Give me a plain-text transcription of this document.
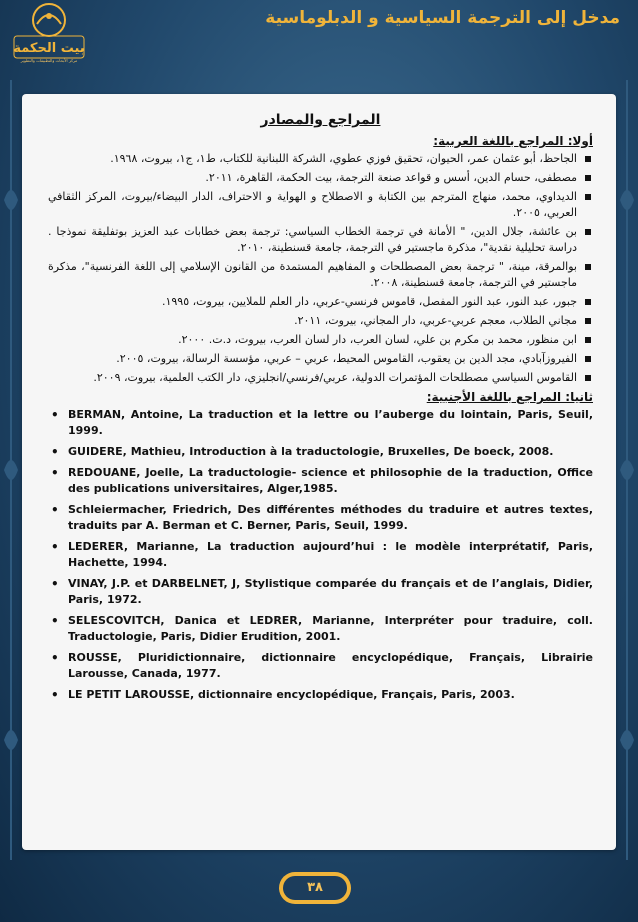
بيت الحكمة
مركز الأبحاث والتطبيقات والتطوير
مدخل إلى الترجمة السياسية و الدبلوماسية
المراجع والمصادر
أولا: المراجع باللغة العربية:
الجاحظ، أبو عثمان عمر، الحيوان، تحقيق فوزي عطوي، الشركة اللبنانية للكتاب، ط١، ج١، بيروت، ١٩٦٨.
مصطفى، حسام الدين، أسس و قواعد صنعة الترجمة، بيت الحكمة، القاهرة، ٢٠١١.
الديداوي، محمد، منهاج المترجم بين الكتابة و الاصطلاح و الهواية و الاحتراف، الدار البيضاء/بيروت، المركز الثقافي العربي، ٢٠٠٥.
بن عائشة، جلال الدين، " الأمانة في ترجمة الخطاب السياسي: ترجمة بعض خطابات عبد العزيز بوتفليقة نموذجا . دراسة تحليلية نقدية"، مذكرة ماجستير في الترجمة، جامعة قسنطينة، ٢٠١٠.
بوالمرقة، مينة، " ترجمة بعض المصطلحات و المفاهيم المستمدة من القانون الإسلامي إلى اللغة الفرنسية"، مذكرة ماجستير في الترجمة، جامعة قسنطينة، ٢٠٠٨.
جبور، عبد النور، عبد النور المفصل، قاموس فرنسي-عربي، دار العلم للملايين، بيروت، ١٩٩٥.
مجاني الطلاب، معجم عربي-عربي، دار المجاني، بيروت، ٢٠١١.
ابن منظور، محمد بن مكرم بن علي، لسان العرب، دار لسان العرب، بيروت، د.ت. ٢٠٠٠.
الفيروزآبادي، مجد الدين بن يعقوب، القاموس المحيط، عربي – عربي، مؤسسة الرسالة، بيروت، ٢٠٠٥.
القاموس السياسي مصطلحات المؤتمرات الدولية، عربي/فرنسي/انجليزي، دار الكتب العلمية، بيروت، ٢٠٠٩.
ثانيا: المراجع باللغة الأجنبية:
• BERMAN, Antoine, La traduction et la lettre ou l’auberge du lointain, Paris, Seuil, 1999.
• GUIDERE, Mathieu, Introduction à la traductologie, Bruxelles, De boeck, 2008.
• REDOUANE, Joelle, La traductologie- science et philosophie de la traduction, Office des publications universitaires, Alger,1985.
• Schleiermacher, Friedrich, Des différentes méthodes du traduire et autres textes, traduits par A. Berman et C. Berner, Paris, Seuil, 1999.
• LEDERER, Marianne, La traduction aujourd’hui : le modèle interprétatif, Paris, Hachette, 1994.
• VINAY, J.P. et DARBELNET, J, Stylistique comparée du français et de l’anglais, Didier, Paris, 1972.
• SELESCOVITCH, Danica et LEDRER, Marianne, Interpréter pour traduire, coll. Traductologie, Paris, Didier Erudition, 2001.
• ROUSSE, Pluridictionnaire, dictionnaire encyclopédique, Français, Librairie Larousse, Canada, 1977.
• LE PETIT LAROUSSE, dictionnaire encyclopédique, Français, Paris, 2003.
٣٨
